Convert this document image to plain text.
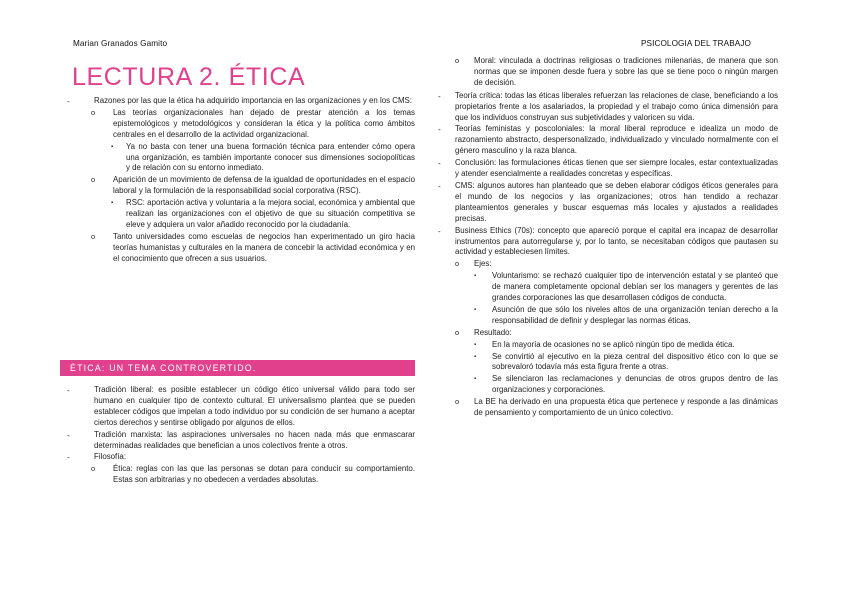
Marian Granados Gamito	PSICOLOGIA DEL TRABAJO
LECTURA 2. ÉTICA
-	Razones por las que la ética ha adquirido importancia en las organizaciones y en los CMS:
o Las teorías organizacionales han dejado de prestar atención a los temas epistemológicos y metodológicos y consideran la ética y la política como ámbitos centrales en el desarrollo de la actividad organizacional.
▪ Ya no basta con tener una buena formación técnica para entender cómo opera una organización, es también importante conocer sus dimensiones sociopolíticas y de relación con su entorno inmediato.
o Aparición de un movimiento de defensa de la igualdad de oportunidades en el espacio laboral y la formulación de la responsabilidad social corporativa (RSC).
▪ RSC: aportación activa y voluntaria a la mejora social, económica y ambiental que realizan las organizaciones con el objetivo de que su situación competitiva se eleve y adquiera un valor añadido reconocido por la ciudadanía.
o Tanto universidades como escuelas de negocios han experimentado un giro hacia teorías humanistas y culturales en la manera de concebir la actividad económica y en el conocimiento que ofrecen a sus usuarios.
ÉTICA: UN TEMA CONTROVERTIDO.
-	Tradición liberal: es posible establecer un código ético universal válido para todo ser humano en cualquier tipo de contexto cultural. El universalismo plantea que se pueden establecer códigos que impelan a todo individuo por su condición de ser humano a aceptar ciertos derechos y sentirse obligado por algunos de ellos.
-	Tradición marxista: las aspiraciones universales no hacen nada más que enmascarar determinadas realidades que benefician a unos colectivos frente a otros.
-	Filosofía:
o Ética: reglas con las que las personas se dotan para conducir su comportamiento. Estas son arbitrarias y no obedecen a verdades absolutas.
o Moral: vinculada a doctrinas religiosas o tradiciones milenarias, de manera que son normas que se imponen desde fuera y sobre las que se tiene poco o ningún margen de decisión.
- Teoría crítica: todas las éticas liberales refuerzan las relaciones de clase, beneficiando a los propietarios frente a los asalariados, la propiedad y el trabajo como única dimensión para que los individuos construyan sus subjetividades y valoricen su vida.
- Teorías feministas y poscoloniales: la moral liberal reproduce e idealiza un modo de razonamiento abstracto, despersonalizado, individualizado y vinculado normalmente con el género masculino y la raza blanca.
- Conclusión: las formulaciones éticas tienen que ser siempre locales, estar contextualizadas y atender esencialmente a realidades concretas y específicas.
- CMS: algunos autores han planteado que se deben elaborar códigos éticos generales para el mundo de los negocios y las organizaciones; otros han tendido a rechazar planteamientos generales y buscar esquemas más locales y ajustados a realidades precisas.
- Business Ethics (70s): concepto que apareció porque el capital era incapaz de desarrollar instrumentos para autorregularse y, por lo tanto, se necesitaban códigos que pautasen su actividad y estableciesen límites.
o Ejes:
▪ Voluntarismo: se rechazó cualquier tipo de intervención estatal y se planteó que de manera completamente opcional debían ser los managers y gerentes de las grandes corporaciones las que desarrollasen códigos de conducta.
▪ Asunción de que sólo los niveles altos de una organización tenían derecho a la responsabilidad de definir y desplegar las normas éticas.
o Resultado:
▪ En la mayoría de ocasiones no se aplicó ningún tipo de medida ética.
▪ Se convirtió al ejecutivo en la pieza central del dispositivo ético con lo que se sobrevaloró todavía más esta figura frente a otras.
▪ Se silenciaron las reclamaciones y denuncias de otros grupos dentro de las organizaciones y corporaciones.
o La BE ha derivado en una propuesta ética que pertenece y responde a las dinámicas de pensamiento y comportamiento de un único colectivo.
